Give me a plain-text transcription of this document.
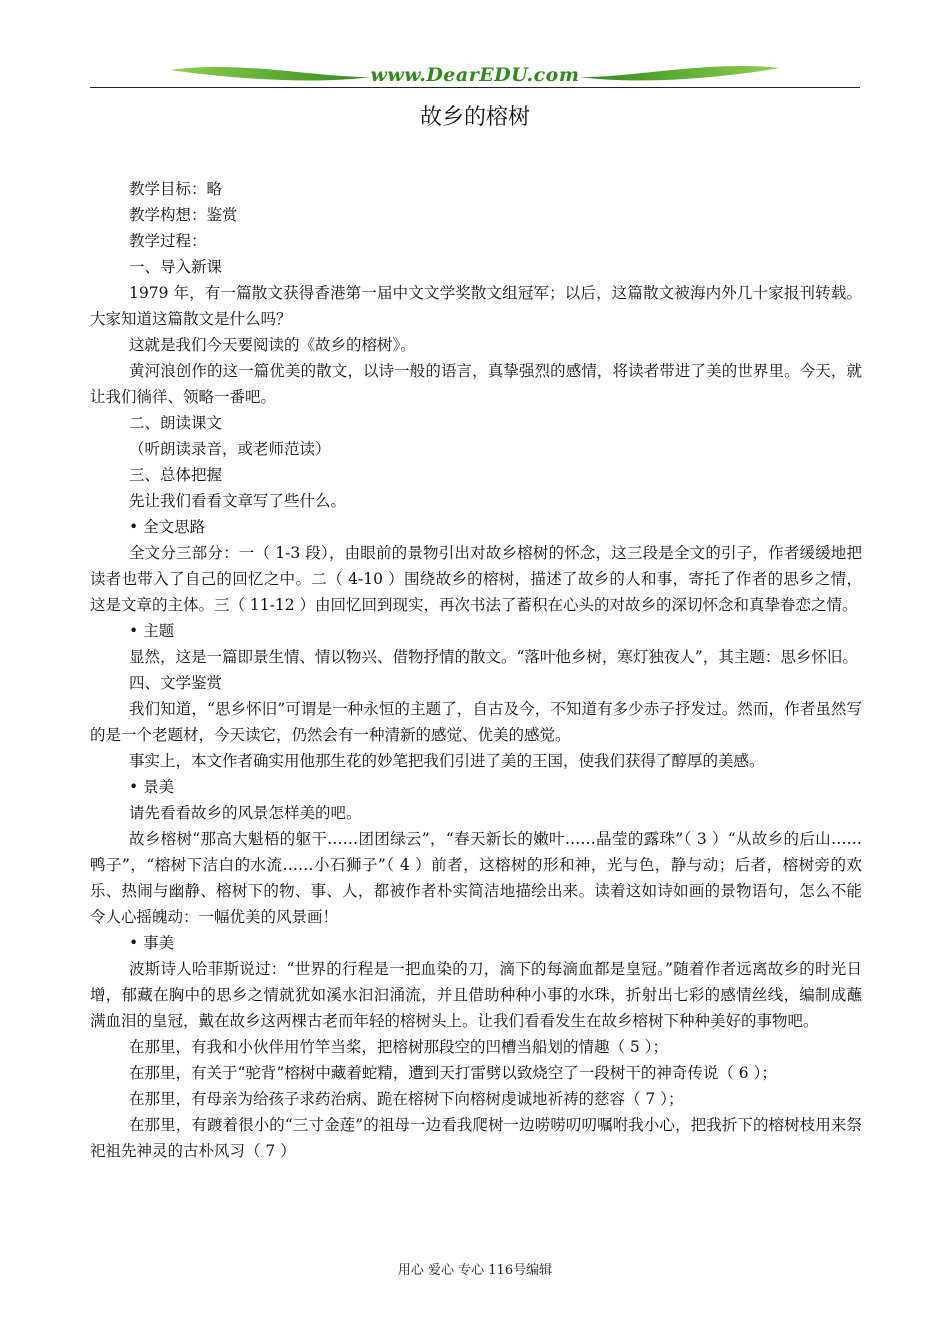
www.DearEDU.com
故乡的榕树

教学目标：略

教学构想：鉴赏

教学过程：

一、导入新课

1979 年，有一篇散文获得香港第一届中文文学奖散文组冠军；以后，这篇散文被海内外几十家报刊转载。大家知道这篇散文是什么吗？

这就是我们今天要阅读的《故乡的榕树》。

黄河浪创作的这一篇优美的散文，以诗一般的语言，真挚强烈的感情，将读者带进了美的世界里。今天，就让我们徜徉、领略一番吧。

二、朗读课文

（听朗读录音，或老师范读）

三、总体把握

先让我们看看文章写了些什么。

• 全文思路

全文分三部分：一（ 1-3 段），由眼前的景物引出对故乡榕树的怀念，这三段是全文的引子，作者缓缓地把读者也带入了自己的回忆之中。二（ 4-10 ）围绕故乡的榕树，描述了故乡的人和事，寄托了作者的思乡之情，这是文章的主体。三（ 11-12 ）由回忆回到现实，再次书法了蓄积在心头的对故乡的深切怀念和真挚眷恋之情。

• 主题

显然，这是一篇即景生情、情以物兴、借物抒情的散文。“落叶他乡树，寒灯独夜人”，其主题：思乡怀旧。

四、文学鉴赏

我们知道，“思乡怀旧”可谓是一种永恒的主题了，自古及今，不知道有多少赤子抒发过。然而，作者虽然写的是一个老题材，今天读它，仍然会有一种清新的感觉、优美的感觉。

事实上，本文作者确实用他那生花的妙笔把我们引进了美的王国，使我们获得了醇厚的美感。

• 景美

请先看看故乡的风景怎样美的吧。

故乡榕树“那高大魁梧的躯干……团团绿云”，“春天新长的嫩叶……晶莹的露珠”（ 3 ）“从故乡的后山……鸭子”，“榕树下洁白的水流……小石狮子”（ 4 ）前者，这榕树的形和神，光与色，静与动；后者，榕树旁的欢乐、热闹与幽静、榕树下的物、事、人，都被作者朴实简洁地描绘出来。读着这如诗如画的景物语句，怎么不能令人心摇魄动：一幅优美的风景画！

• 事美

波斯诗人哈菲斯说过：“世界的行程是一把血染的刀，滴下的每滴血都是皇冠。”随着作者远离故乡的时光日增，郁藏在胸中的思乡之情就犹如溪水汩汩涌流，并且借助种种小事的水珠，折射出七彩的感情丝线，编制成蘸满血泪的皇冠，戴在故乡这两棵古老而年轻的榕树头上。让我们看看发生在故乡榕树下种种美好的事物吧。

在那里，有我和小伙伴用竹竿当桨，把榕树那段空的凹槽当船划的情趣（ 5 ）；

在那里，有关于“驼背”榕树中藏着蛇精，遭到天打雷劈以致烧空了一段树干的神奇传说（ 6 ）；

在那里，有母亲为给孩子求药治病、跪在榕树下向榕树虔诚地祈祷的慈容（ 7 ）；

在那里，有踱着很小的“三寸金莲”的祖母一边看我爬树一边唠唠叨叨嘱咐我小心，把我折下的榕树枝用来祭祀祖先神灵的古朴风习（ 7 ）

用心 爱心 专心 116号编辑
